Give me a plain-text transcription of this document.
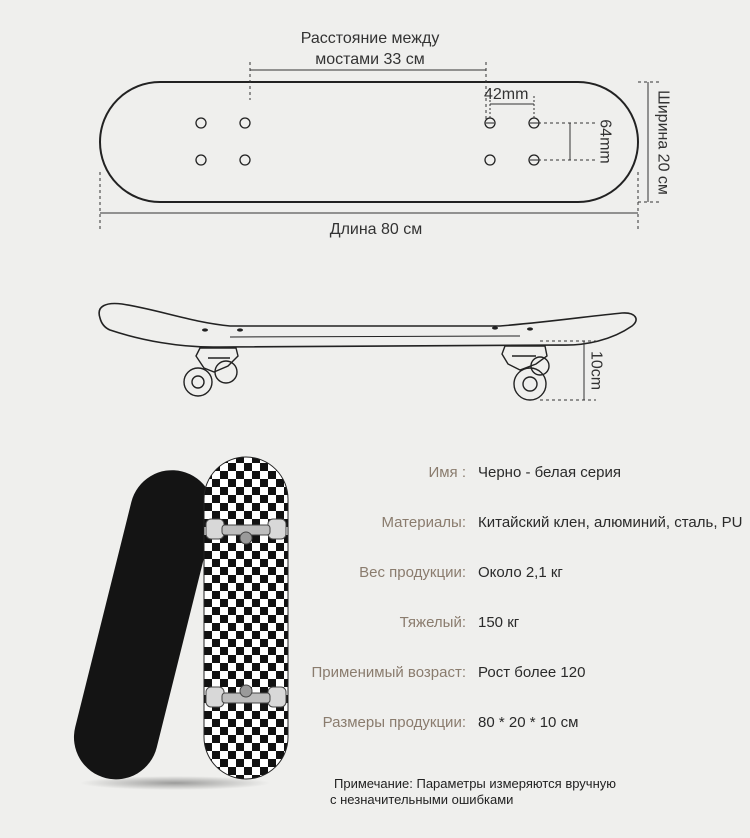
Расстояние между
мостами 33 см
42mm
64mm	Ширина 20 см
Длина 80 см
10cm
Имя : Черно - белая серия
Материалы: Китайский клен, алюминий, сталь, PU
Вес продукции: Около 2,1 кг
Тяжелый: 150 кг
Применимый возраст: Рост более 120
Размеры продукции: 80 * 20 * 10 см
Примечание: Параметры измеряются вручную
с незначительными ошибками
